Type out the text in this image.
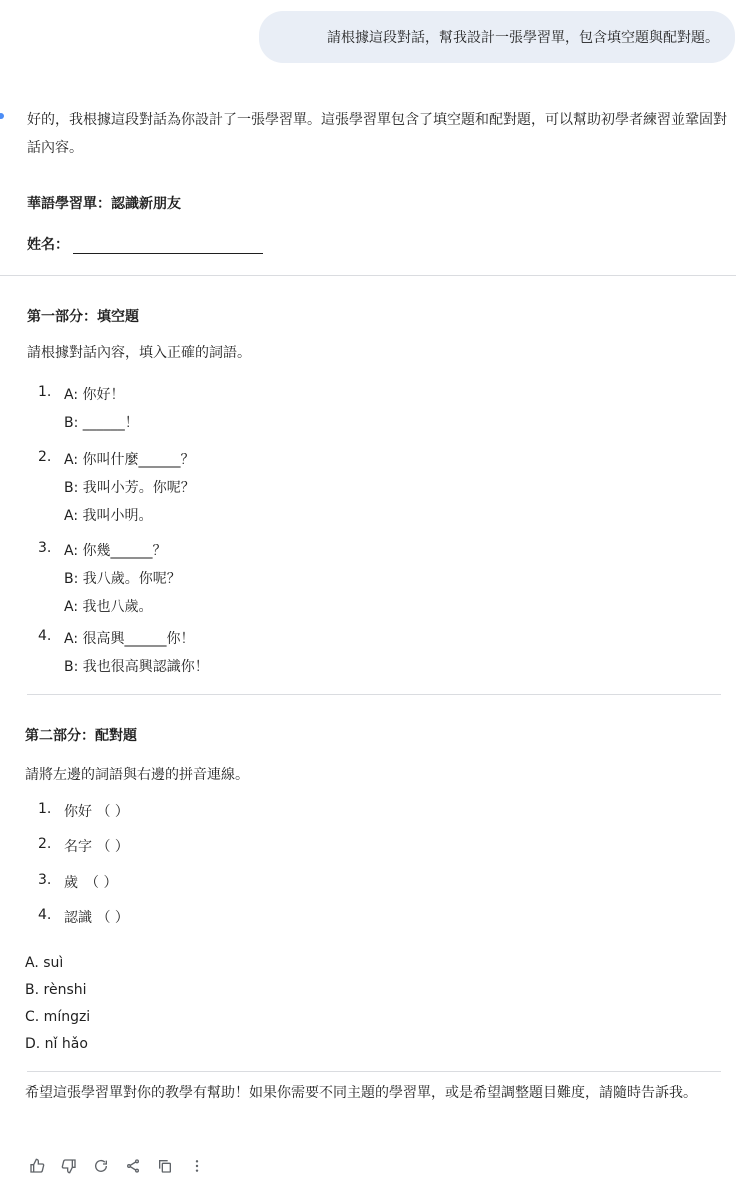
請根據這段對話，幫我設計一張學習單，包含填空題與配對題。
好的，我根據這段對話為你設計了一張學習單。這張學習單包含了填空題和配對題，可以幫助初學者練習並鞏固對話內容。
華語學習單：認識新朋友
姓名：
第一部分：填空題
請根據對話內容，填入正確的詞語。
1. A: 你好！
B: ______！
2. A: 你叫什麼______？
B: 我叫小芳。你呢？
A: 我叫小明。
3. A: 你幾______？
B: 我八歲。你呢？
A: 我也八歲。
4. A: 很高興______你！
B: 我也很高興認識你！
第二部分：配對題
請將左邊的詞語與右邊的拼音連線。
1. 你好 （ ）
2. 名字 （ ）
3. 歲　（ ）
4. 認識 （ ）
A. suì
B. rènshi
C. míngzi
D. nǐ hǎo
希望這張學習單對你的教學有幫助！如果你需要不同主題的學習單，或是希望調整題目難度，請隨時告訴我。
